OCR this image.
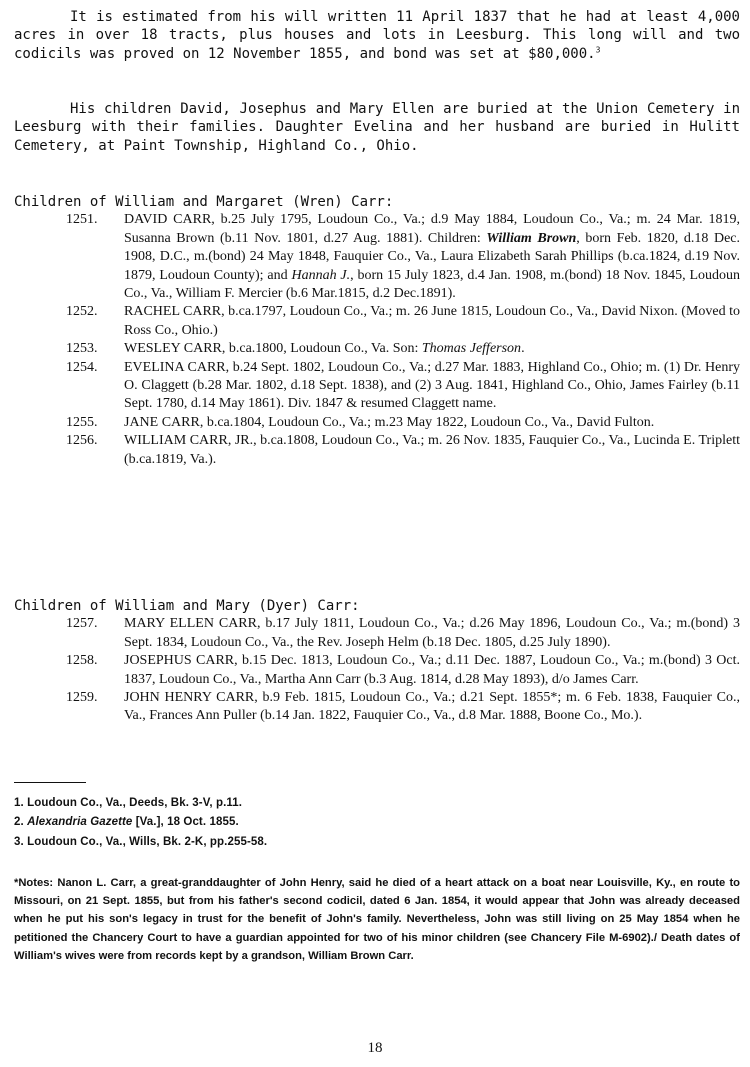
It is estimated from his will written 11 April 1837 that he had at least 4,000 acres in over 18 tracts, plus houses and lots in Leesburg. This long will and two codicils was proved on 12 November 1855, and bond was set at $80,000.$^3$

His children David, Josephus and Mary Ellen are buried at the Union Cemetery in Leesburg with their families. Daughter Evelina and her husband are buried in Hulitt Cemetery, at Paint Township, Highland Co., Ohio.

Children of William and Margaret (Wren) Carr:

1251.	DAVID CARR, b.25 July 1795, Loudoun Co., Va.; d.9 May 1884, Loudoun Co., Va.; m. 24 Mar. 1819, Susanna Brown (b.11 Nov. 1801, d.27 Aug. 1881). Children: William Brown, born Feb. 1820, d.18 Dec. 1908, D.C., m.(bond) 24 May 1848, Fauquier Co., Va., Laura Elizabeth Sarah Phillips (b.ca.1824, d.19 Nov. 1879, Loudoun County); and Hannah J., born 15 July 1823, d.4 Jan. 1908, m.(bond) 18 Nov. 1845, Loudoun Co., Va., William F. Mercier (b.6 Mar.1815, d.2 Dec.1891).

1252.	RACHEL CARR, b.ca.1797, Loudoun Co., Va.; m. 26 June 1815, Loudoun Co., Va., David Nixon. (Moved to Ross Co., Ohio.)

1253.	WESLEY CARR, b.ca.1800, Loudoun Co., Va. Son: Thomas Jefferson.

1254.	EVELINA CARR, b.24 Sept. 1802, Loudoun Co., Va.; d.27 Mar. 1883, Highland Co., Ohio; m. (1) Dr. Henry O. Claggett (b.28 Mar. 1802, d.18 Sept. 1838), and (2) 3 Aug. 1841, Highland Co., Ohio, James Fairley (b.11 Sept. 1780, d.14 May 1861). Div. 1847 & resumed Claggett name.

1255.	JANE CARR, b.ca.1804, Loudoun Co., Va.; m.23 May 1822, Loudoun Co., Va., David Fulton.

1256.	WILLIAM CARR, JR., b.ca.1808, Loudoun Co., Va.; m. 26 Nov. 1835, Fauquier Co., Va., Lucinda E. Triplett (b.ca.1819, Va.).

Children of William and Mary (Dyer) Carr:

1257.	MARY ELLEN CARR, b.17 July 1811, Loudoun Co., Va.; d.26 May 1896, Loudoun Co., Va.; m.(bond) 3 Sept. 1834, Loudoun Co., Va., the Rev. Joseph Helm (b.18 Dec. 1805, d.25 July 1890).

1258.	JOSEPHUS CARR, b.15 Dec. 1813, Loudoun Co., Va.; d.11 Dec. 1887, Loudoun Co., Va.; m.(bond) 3 Oct. 1837, Loudoun Co., Va., Martha Ann Carr (b.3 Aug. 1814, d.28 May 1893), d/o James Carr.

1259.	JOHN HENRY CARR, b.9 Feb. 1815, Loudoun Co., Va.; d.21 Sept. 1855*; m. 6 Feb. 1838, Fauquier Co., Va., Frances Ann Puller (b.14 Jan. 1822, Fauquier Co., Va., d.8 Mar. 1888, Boone Co., Mo.).

1. Loudoun Co., Va., Deeds, Bk. 3-V, p.11.

2. Alexandria Gazette [Va.], 18 Oct. 1855.

3. Loudoun Co., Va., Wills, Bk. 2-K, pp.255-58.

*Notes: Nanon L. Carr, a great-granddaughter of John Henry, said he died of a heart attack on a boat near Louisville, Ky., en route to Missouri, on 21 Sept. 1855, but from his father's second codicil, dated 6 Jan. 1854, it would appear that John was already deceased when he put his son's legacy in trust for the benefit of John's family. Nevertheless, John was still living on 25 May 1854 when he petitioned the Chancery Court to have a guardian appointed for two of his minor children (see Chancery File M-6902)./ Death dates of William's wives were from records kept by a grandson, William Brown Carr.

18
